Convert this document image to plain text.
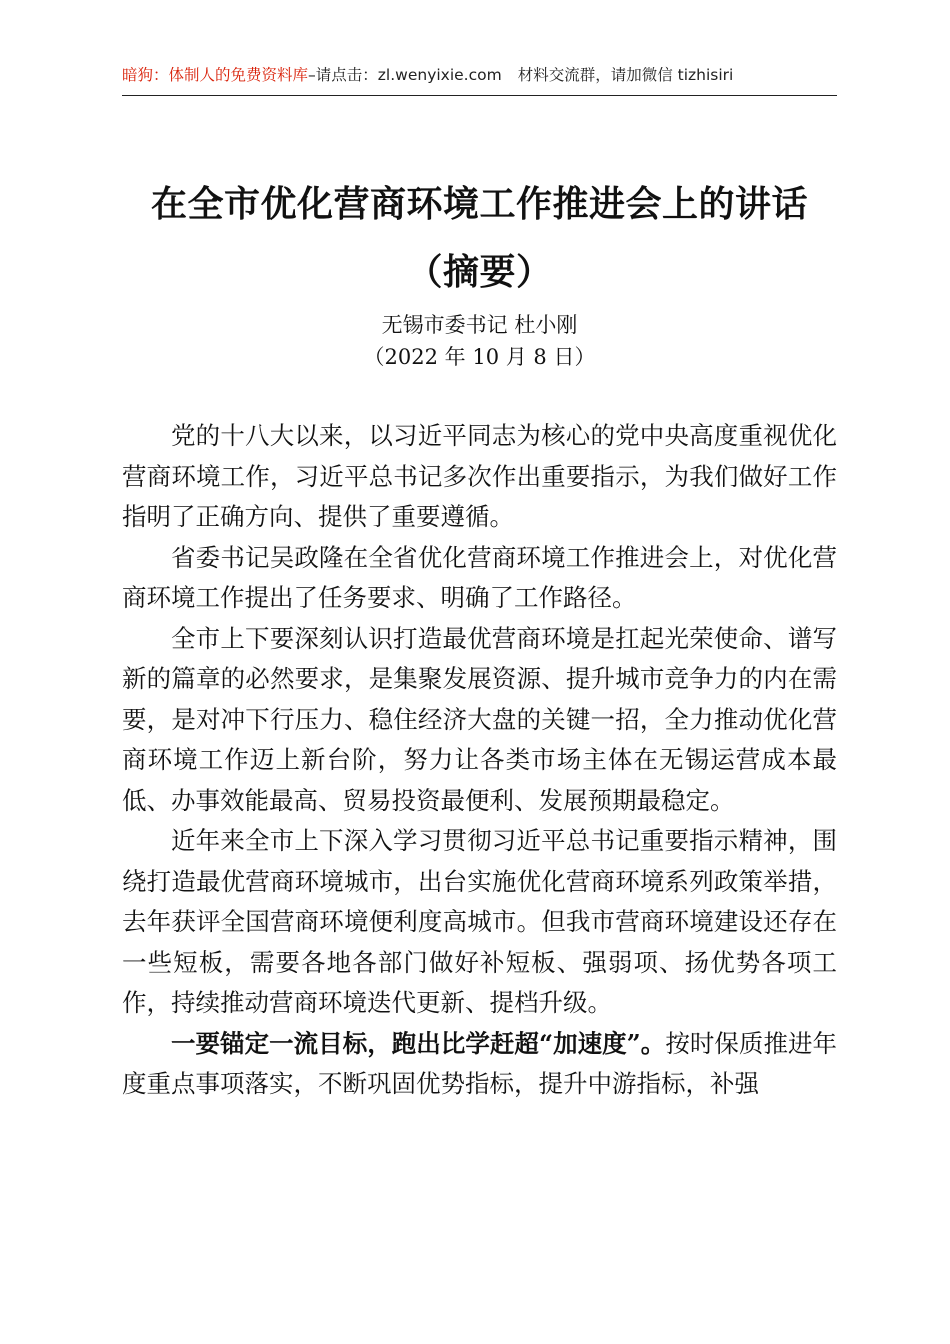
暗狗：体制人的免费资料库–请点击：zl.wenyixie.com 材料交流群，请加微信 tizhisiri
在全市优化营商环境工作推进会上的讲话（摘要）
无锡市委书记 杜小刚
（2022 年 10 月 8 日）

党的十八大以来，以习近平同志为核心的党中央高度重视优化营商环境工作，习近平总书记多次作出重要指示，为我们做好工作指明了正确方向、提供了重要遵循。

省委书记吴政隆在全省优化营商环境工作推进会上，对优化营商环境工作提出了任务要求、明确了工作路径。

全市上下要深刻认识打造最优营商环境是扛起光荣使命、谱写新的篇章的必然要求，是集聚发展资源、提升城市竞争力的内在需要，是对冲下行压力、稳住经济大盘的关键一招，全力推动优化营商环境工作迈上新台阶，努力让各类市场主体在无锡运营成本最低、办事效能最高、贸易投资最便利、发展预期最稳定。

近年来全市上下深入学习贯彻习近平总书记重要指示精神，围绕打造最优营商环境城市，出台实施优化营商环境系列政策举措，去年获评全国营商环境便利度高城市。但我市营商环境建设还存在一些短板，需要各地各部门做好补短板、强弱项、扬优势各项工作，持续推动营商环境迭代更新、提档升级。

一要锚定一流目标，跑出比学赶超“加速度”。按时保质推进年度重点事项落实，不断巩固优势指标，提升中游指标，补强
